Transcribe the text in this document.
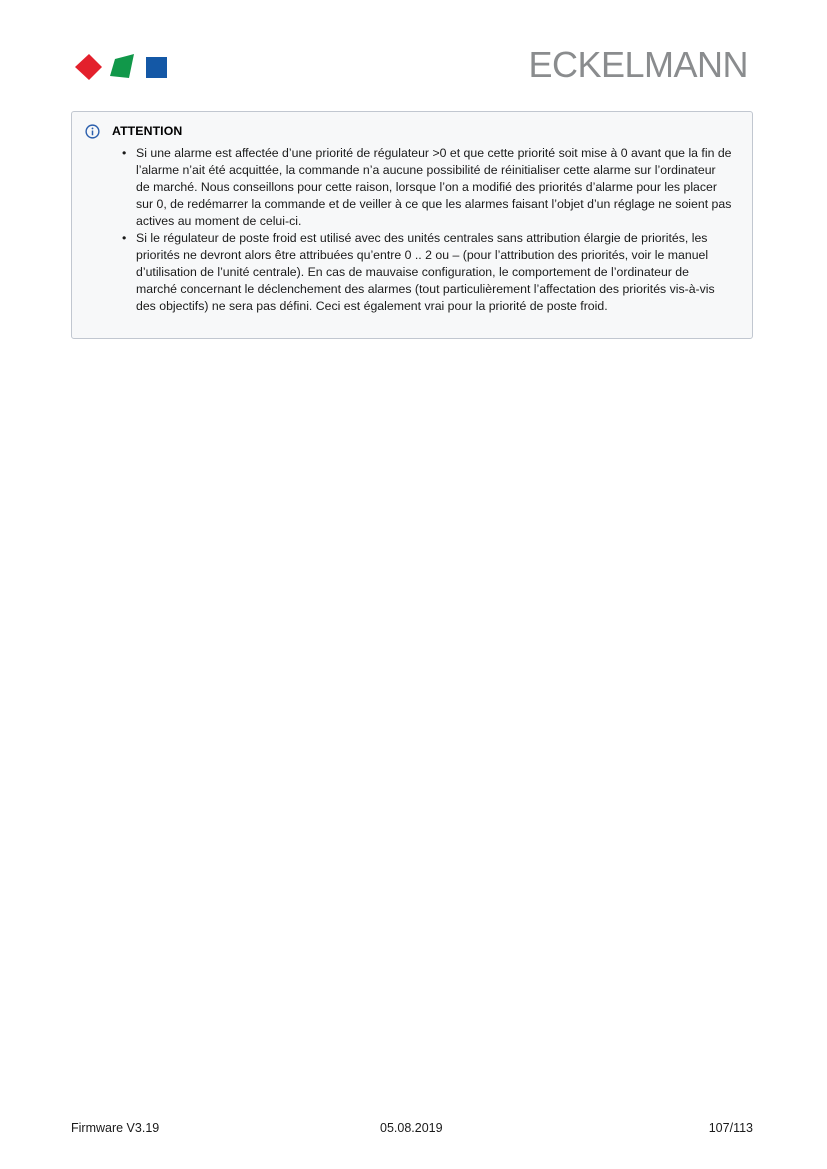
ECKELMANN
ATTENTION
• Si une alarme est affectée d’une priorité de régulateur >0 et que cette priorité soit mise à 0 avant que la fin de l’alarme n’ait été acquittée, la commande n’a aucune possibilité de réinitialiser cette alarme sur l’ordinateur de marché. Nous conseillons pour cette raison, lorsque l’on a modifié des priorités d’alarme pour les placer sur 0, de redémarrer la commande et de veiller à ce que les alarmes faisant l’objet d’un réglage ne soient pas actives au moment de celui-ci.
• Si le régulateur de poste froid est utilisé avec des unités centrales sans attribution élargie de priorités, les priorités ne devront alors être attribuées qu’entre 0 .. 2 ou – (pour l’attribution des priorités, voir le manuel d’utilisation de l’unité centrale). En cas de mauvaise configuration, le comportement de l’ordinateur de marché concernant le déclenchement des alarmes (tout particulièrement l’affectation des priorités vis-à-vis des objectifs) ne sera pas défini. Ceci est également vrai pour la priorité de poste froid.
Firmware V3.19	05.08.2019	107/113
